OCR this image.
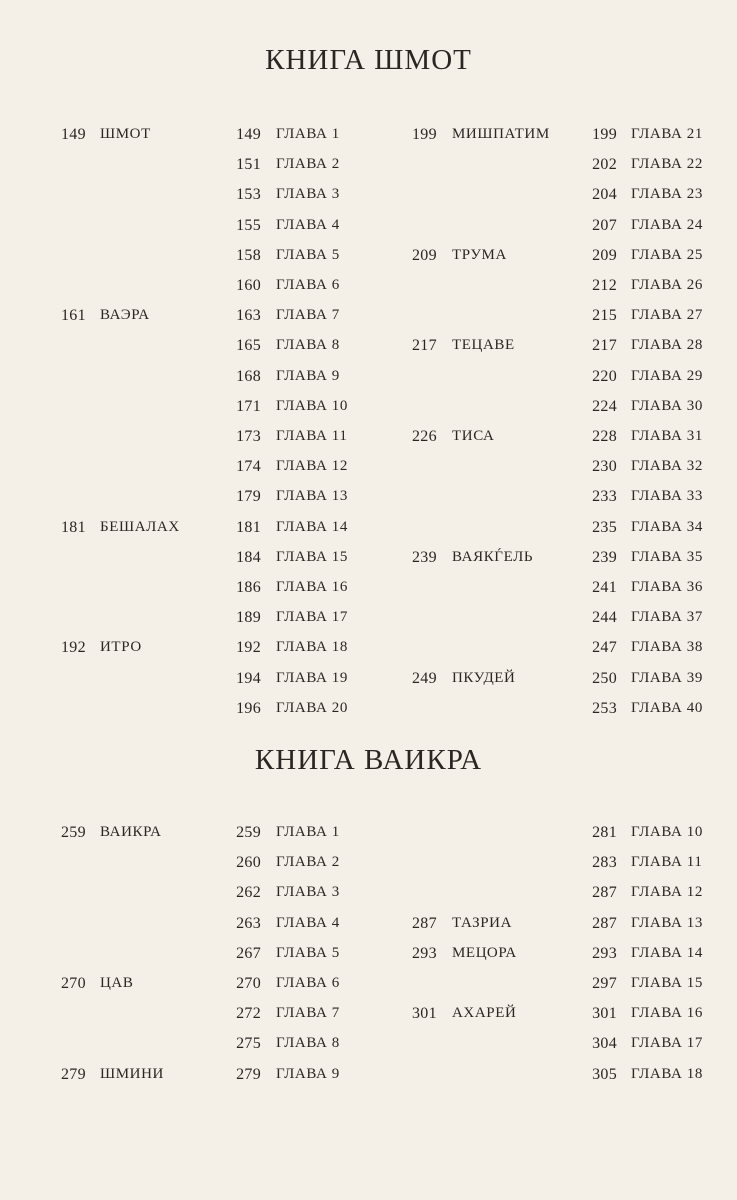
КНИГА ШМОТ
149 ШМОТ	149 ГЛАВА 1	199	МИШПАТИМ	199 ГЛАВА 21
151 ГЛАВА 2	202 ГЛАВА 22
153 ГЛАВА 3	204 ГЛАВА 23
155 ГЛАВА 4	207 ГЛАВА 24
158 ГЛАВА 5	209	ТРУМА	209 ГЛАВА 25
160 ГЛАВА 6	212 ГЛАВА 26
161 ВАЭРА	163 ГЛАВА 7	215 ГЛАВА 27
165 ГЛАВА 8	217	ТЕЦАВЕ	217 ГЛАВА 28
168 ГЛАВА 9	220 ГЛАВА 29
171 ГЛАВА 10	224 ГЛАВА 30
173 ГЛАВА 11	226	ТИСА	228 ГЛАВА 31
174 ГЛАВА 12	230 ГЛАВА 32
179 ГЛАВА 13	233 ГЛАВА 33
181 БЕШАЛАХ	181 ГЛАВА 14	235 ГЛАВА 34
184 ГЛАВА 15	239	ВАЯКЃЕЛЬ	239 ГЛАВА 35
186 ГЛАВА 16	241 ГЛАВА 36
189 ГЛАВА 17	244 ГЛАВА 37
192 ИТРО	192 ГЛАВА 18	247 ГЛАВА 38
194 ГЛАВА 19	249	ПКУДЕЙ	250 ГЛАВА 39
196 ГЛАВА 20	253 ГЛАВА 40
КНИГА ВАИКРА
259 ВАИКРА	259 ГЛАВА 1	281 ГЛАВА 10
260 ГЛАВА 2	283 ГЛАВА 11
262 ГЛАВА 3	287 ГЛАВА 12
263 ГЛАВА 4	287	ТАЗРИА	287 ГЛАВА 13
267 ГЛАВА 5	293	МЕЦОРА	293 ГЛАВА 14
270 ЦАВ	270 ГЛАВА 6	297 ГЛАВА 15
272 ГЛАВА 7	301	АХАРЕЙ	301 ГЛАВА 16
275 ГЛАВА 8	304 ГЛАВА 17
279 ШМИНИ	279 ГЛАВА 9	305 ГЛАВА 18
